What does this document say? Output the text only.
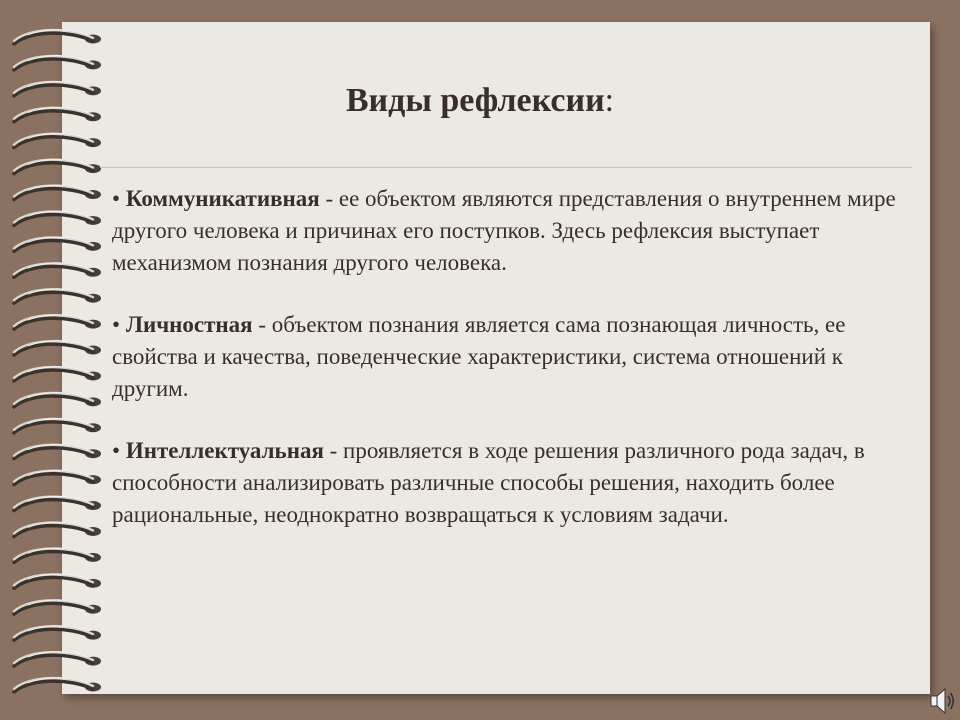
Виды рефлексии:
• Коммуникативная - ее объектом являются представления о внутреннем мире другого человека и причинах его поступков. Здесь рефлексия выступает механизмом познания другого человека.
• Личностная - объектом познания является сама познающая личность, ее свойства и качества, поведенческие характеристики, система отношений к другим.
• Интеллектуальная - проявляется в ходе решения различного рода задач, в способности анализировать различные способы решения, находить более рациональные, неоднократно возвращаться к условиям задачи.
